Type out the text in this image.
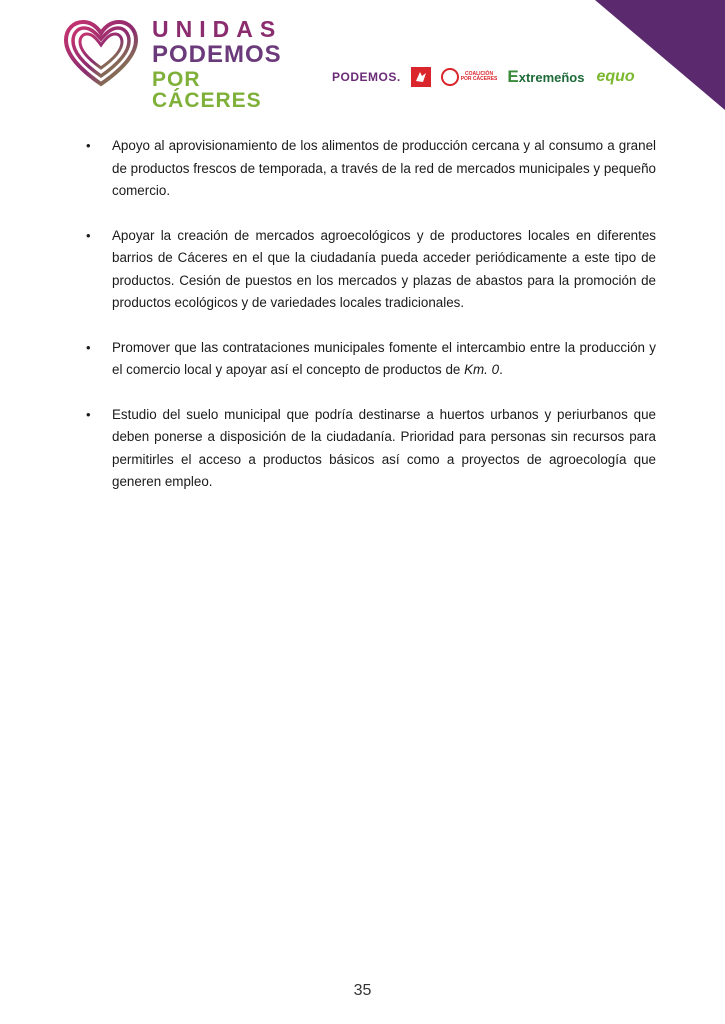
UNIDAS
PODEMOS
POR CÁCERES
PODEMOS.	COALICIÓN
POR CÁCERES Extremeños equo
• Apoyo al aprovisionamiento de los alimentos de producción cercana y al consumo a granel de productos frescos de temporada, a través de la red de mercados municipales y pequeño comercio.
• Apoyar la creación de mercados agroecológicos y de productores locales en diferentes barrios de Cáceres en el que la ciudadanía pueda acceder periódicamente a este tipo de productos. Cesión de puestos en los mercados y plazas de abastos para la promoción de productos ecológicos y de variedades locales tradicionales.
• Promover que las contrataciones municipales fomente el intercambio entre la producción y el comercio local y apoyar así el concepto de productos de Km. 0.
• Estudio del suelo municipal que podría destinarse a huertos urbanos y periurbanos que deben ponerse a disposición de la ciudadanía. Prioridad para personas sin recursos para permitirles el acceso a productos básicos así como a proyectos de agroecología que generen empleo.
35
